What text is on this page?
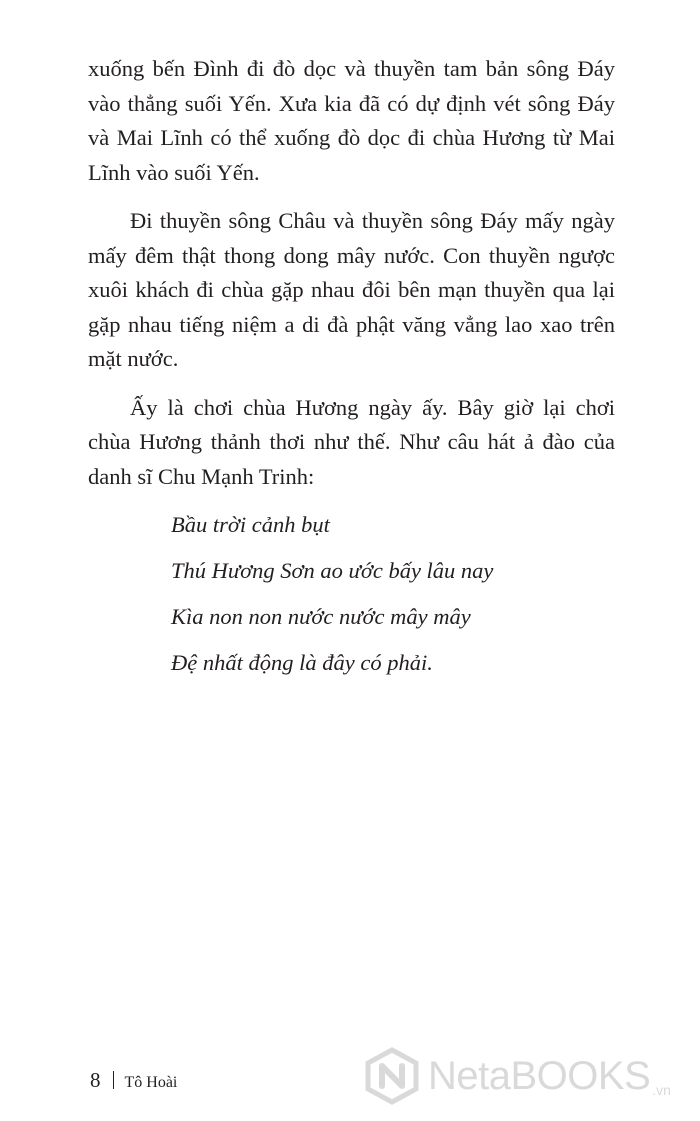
xuống bến Đình đi đò dọc và thuyền tam bản sông Đáy vào thẳng suối Yến. Xưa kia đã có dự định vét sông Đáy và Mai Lĩnh có thể xuống đò dọc đi chùa Hương từ Mai Lĩnh vào suối Yến.

Đi thuyền sông Châu và thuyền sông Đáy mấy ngày mấy đêm thật thong dong mây nước. Con thuyền ngược xuôi khách đi chùa gặp nhau đôi bên mạn thuyền qua lại gặp nhau tiếng niệm a di đà phật văng vẳng lao xao trên mặt nước.

Ấy là chơi chùa Hương ngày ấy. Bây giờ lại chơi chùa Hương thảnh thơi như thế. Như câu hát ả đào của danh sĩ Chu Mạnh Trinh:

Bầu trời cảnh bụt
Thú Hương Sơn ao ước bấy lâu nay
Kìa non non nước nước mây mây
Đệ nhất động là đây có phải.
8 Tô Hoài	NetaBOOKS .vn
